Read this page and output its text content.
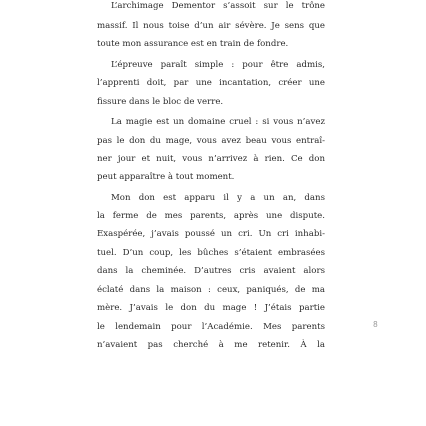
L’archimage Dementor s’assoit sur le trône

massif. Il nous toise d’un air sévère. Je sens que

toute mon assurance est en train de fondre.

L’épreuve paraît simple : pour être admis,

l’apprenti doit, par une incantation, créer une

fissure dans le bloc de verre.

La magie est un domaine cruel : si vous n’avez

pas le don du mage, vous avez beau vous entraî-

ner jour et nuit, vous n’arrivez à rien. Ce don

peut apparaître à tout moment.

Mon don est apparu il y a un an, dans

la ferme de mes parents, après une dispute.

Exaspérée, j’avais poussé un cri. Un cri inhabi-

tuel. D’un coup, les bûches s’étaient embrasées

dans la cheminée. D’autres cris avaient alors

éclaté dans la maison : ceux, paniqués, de ma

mère. J’avais le don du mage ! J’étais partie

le lendemain pour l’Académie. Mes parents

n’avaient pas cherché à me retenir. À la

8
